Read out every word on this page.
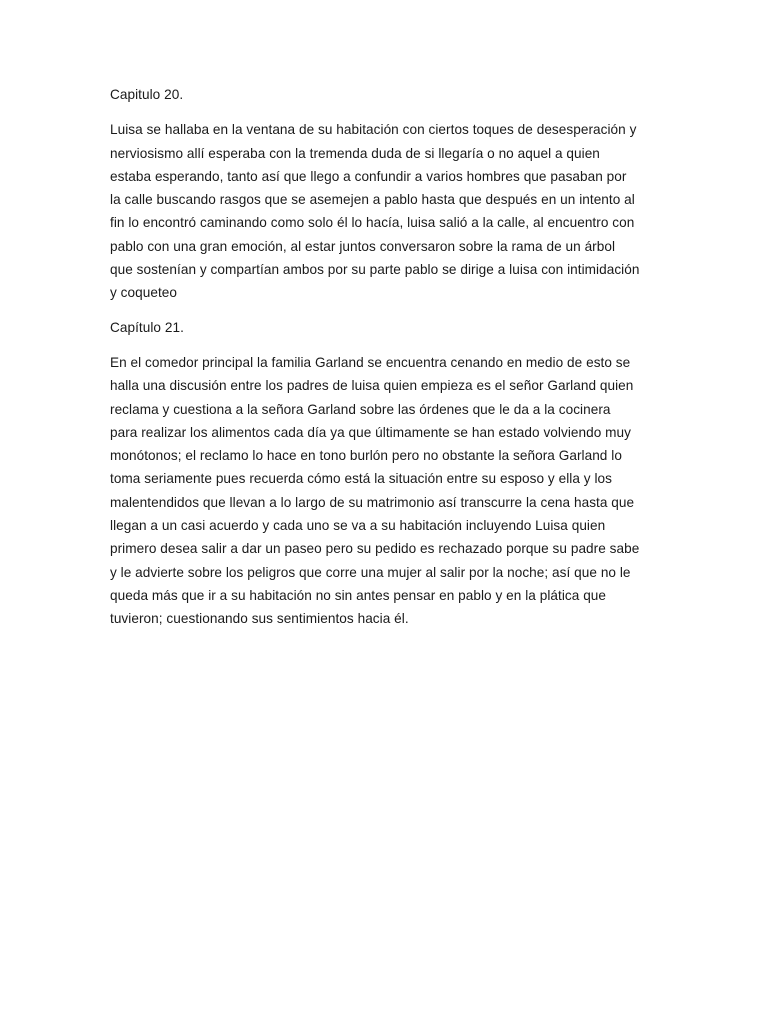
Capitulo 20.

Luisa se hallaba en la ventana de su habitación con ciertos toques de desesperación y
nerviosismo allí esperaba con la tremenda duda de si llegaría o no aquel a quien
estaba esperando, tanto así que llego a confundir a varios hombres que pasaban por
la calle buscando rasgos que se asemejen a pablo hasta que después en un intento al
fin lo encontró caminando como solo él lo hacía, luisa salió a la calle, al encuentro con
pablo con una gran emoción, al estar juntos conversaron sobre la rama de un árbol
que sostenían y compartían ambos por su parte pablo se dirige a luisa con intimidación
y coqueteo

Capítulo 21.

En el comedor principal la familia Garland se encuentra cenando en medio de esto se
halla una discusión entre los padres de luisa quien empieza es el señor Garland quien
reclama y cuestiona a la señora Garland sobre las órdenes que le da a la cocinera
para realizar los alimentos cada día ya que últimamente se han estado volviendo muy
monótonos; el reclamo lo hace en tono burlón pero no obstante la señora Garland lo
toma seriamente pues recuerda cómo está la situación entre su esposo y ella y los
malentendidos que llevan a lo largo de su matrimonio así transcurre la cena hasta que
llegan a un casi acuerdo y cada uno se va a su habitación incluyendo Luisa quien
primero desea salir a dar un paseo pero su pedido es rechazado porque su padre sabe
y le advierte sobre los peligros que corre una mujer al salir por la noche; así que no le
queda más que ir a su habitación no sin antes pensar en pablo y en la plática que
tuvieron; cuestionando sus sentimientos hacia él.
